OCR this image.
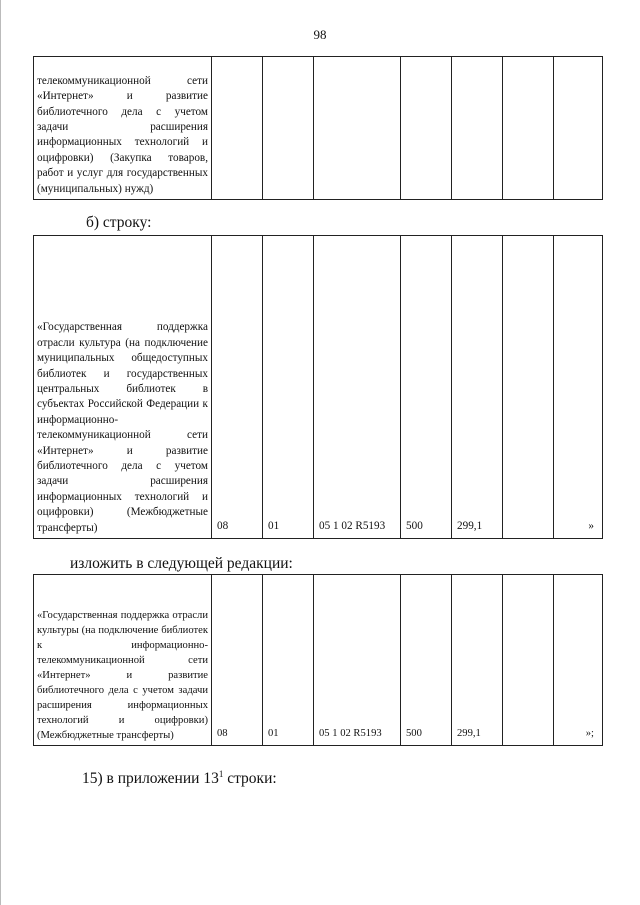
98
телекоммуникационной сети «Интернет» и развитие библиотечного дела с учетом задачи расширения информационных технологий и оцифровки) (Закупка товаров, работ и услуг для государственных (муниципальных) нужд)							
б) строку:
«Государственная поддержка отрасли культура (на подключение муниципальных общедоступных библиотек и государственных центральных библиотек в субъектах Российской Федерации к информационно-телекоммуникационной сети «Интернет» и развитие библиотечного дела с учетом задачи расширения информационных технологий и оцифровки) (Межбюджетные трансферты)	08	01	05 1 02 R5193	500	299,1		»
изложить в следующей редакции:
«Государственная поддержка отрасли культуры (на подключение библиотек к информационно-телекоммуникационной сети «Интернет» и развитие библиотечного дела с учетом задачи расширения информационных технологий и оцифровки) (Межбюджетные трансферты)	08	01	05 1 02 R5193	500	299,1		»;
15) в приложении $13^1$ строки:
